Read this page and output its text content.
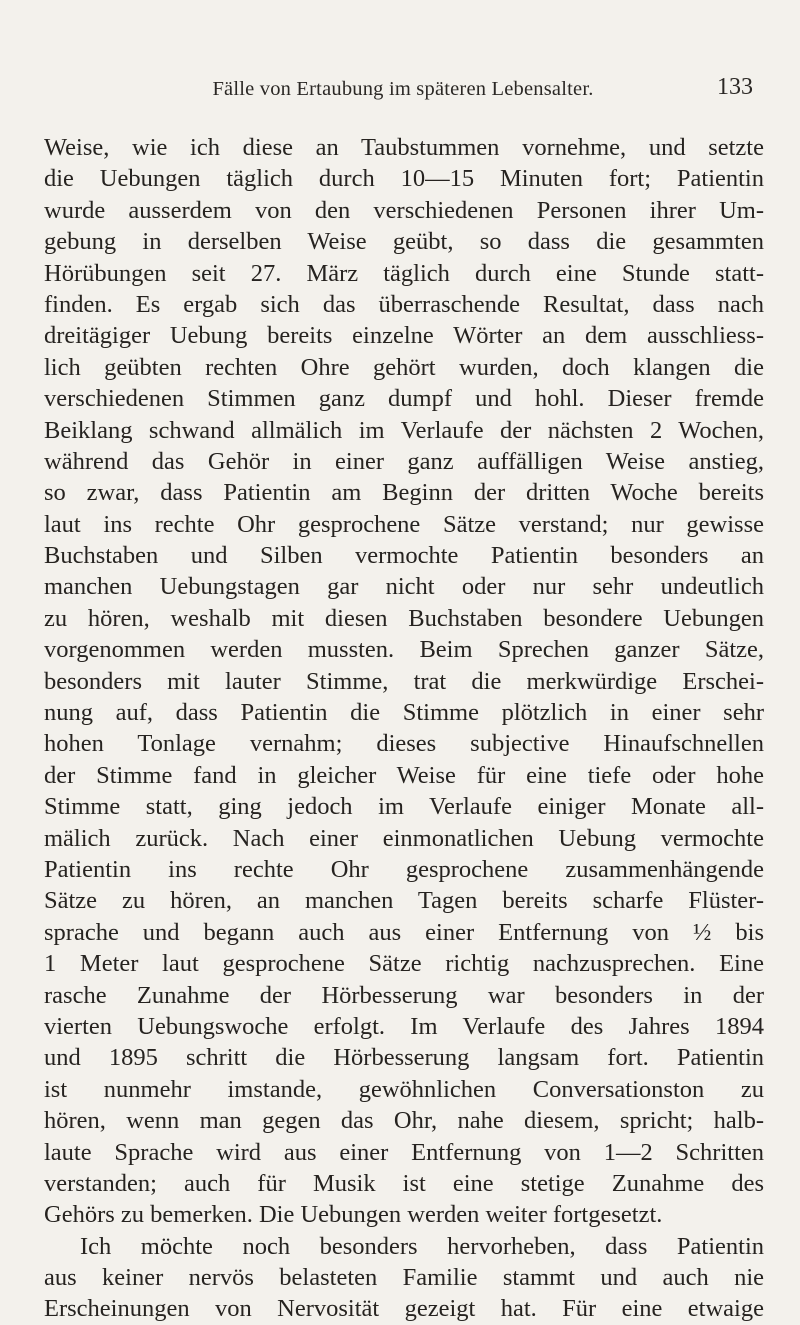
Fälle von Ertaubung im späteren Lebensalter.	133
Weise, wie ich diese an Taubstummen vornehme, und setzte
die Uebungen täglich durch 10—15 Minuten fort; Patientin
wurde ausserdem von den verschiedenen Personen ihrer Um-
gebung in derselben Weise geübt, so dass die gesammten
Hörübungen seit 27. März täglich durch eine Stunde statt-
finden. Es ergab sich das überraschende Resultat, dass nach
dreitägiger Uebung bereits einzelne Wörter an dem ausschliess-
lich geübten rechten Ohre gehört wurden, doch klangen die
verschiedenen Stimmen ganz dumpf und hohl. Dieser fremde
Beiklang schwand allmälich im Verlaufe der nächsten 2 Wochen,
während das Gehör in einer ganz auffälligen Weise anstieg,
so zwar, dass Patientin am Beginn der dritten Woche bereits
laut ins rechte Ohr gesprochene Sätze verstand; nur gewisse
Buchstaben und Silben vermochte Patientin besonders an
manchen Uebungstagen gar nicht oder nur sehr undeutlich
zu hören, weshalb mit diesen Buchstaben besondere Uebungen
vorgenommen werden mussten. Beim Sprechen ganzer Sätze,
besonders mit lauter Stimme, trat die merkwürdige Erschei-
nung auf, dass Patientin die Stimme plötzlich in einer sehr
hohen Tonlage vernahm; dieses subjective Hinaufschnellen
der Stimme fand in gleicher Weise für eine tiefe oder hohe
Stimme statt, ging jedoch im Verlaufe einiger Monate all-
mälich zurück. Nach einer einmonatlichen Uebung vermochte
Patientin ins rechte Ohr gesprochene zusammenhängende
Sätze zu hören, an manchen Tagen bereits scharfe Flüster-
sprache und begann auch aus einer Entfernung von ½ bis
1 Meter laut gesprochene Sätze richtig nachzusprechen. Eine
rasche Zunahme der Hörbesserung war besonders in der
vierten Uebungswoche erfolgt. Im Verlaufe des Jahres 1894
und 1895 schritt die Hörbesserung langsam fort. Patientin
ist nunmehr imstande, gewöhnlichen Conversationston zu
hören, wenn man gegen das Ohr, nahe diesem, spricht; halb-
laute Sprache wird aus einer Entfernung von 1—2 Schritten
verstanden; auch für Musik ist eine stetige Zunahme des
Gehörs zu bemerken. Die Uebungen werden weiter fortgesetzt.
Ich möchte noch besonders hervorheben, dass Patientin
aus keiner nervös belasteten Familie stammt und auch nie
Erscheinungen von Nervosität gezeigt hat. Für eine etwaige
